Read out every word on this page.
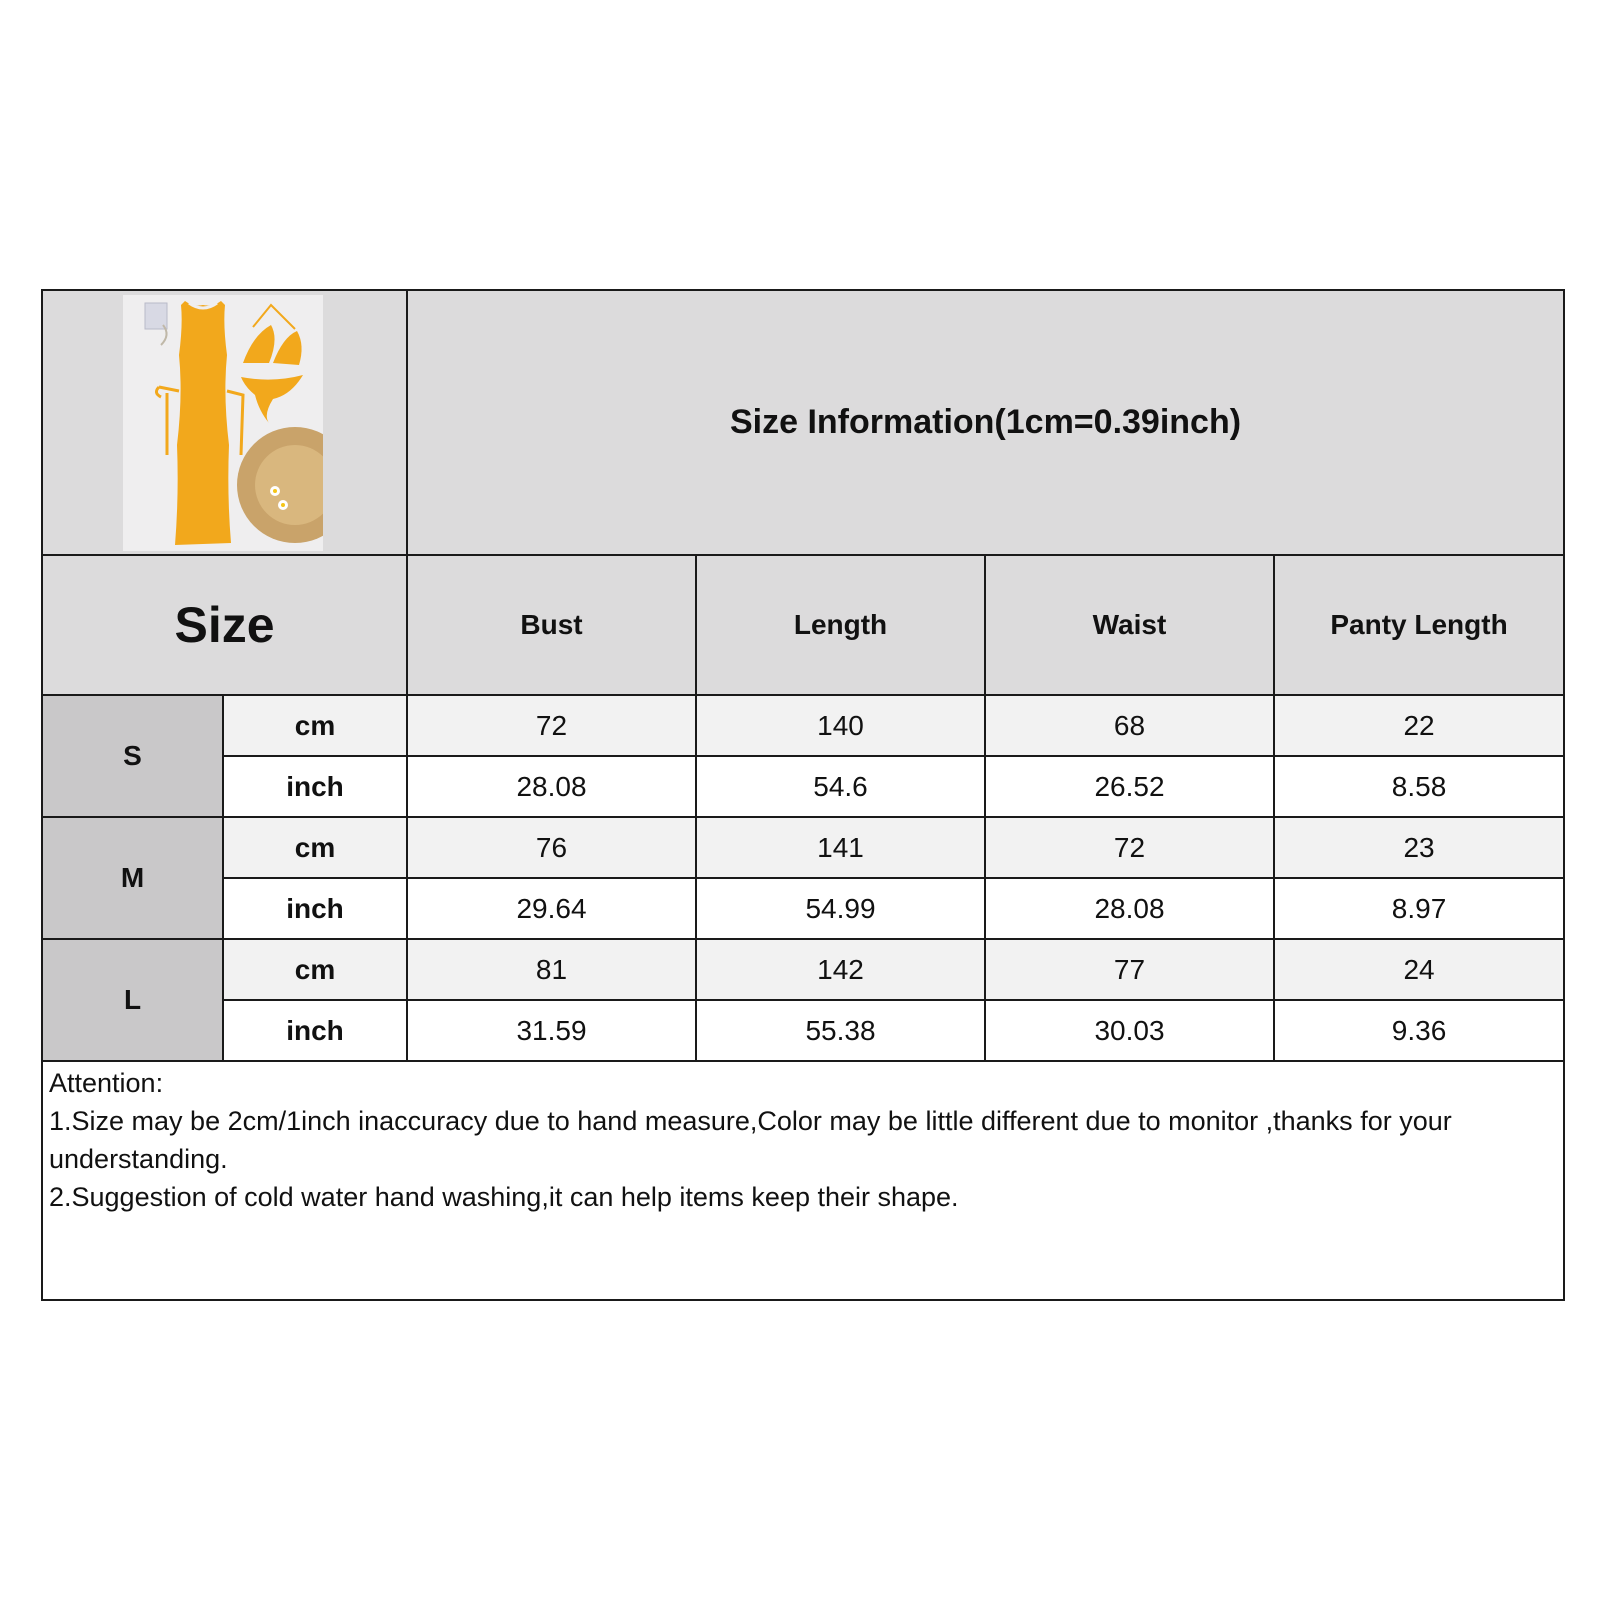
	Size Information(1cm=0.39inch)			
Size		Bust	Length	Waist	Panty Length
S	cm	72	140	68	22
	inch	28.08	54.6	26.52	8.58
M	cm	76	141	72	23
	inch	29.64	54.99	28.08	8.97
L	cm	81	142	77	24
	inch	31.59	55.38	30.03	9.36

Attention:
1.Size may be 2cm/1inch inaccuracy due to hand measure,Color may be little different due to monitor ,thanks for your understanding.
2.Suggestion of cold water hand washing,it can help items keep their shape.					
